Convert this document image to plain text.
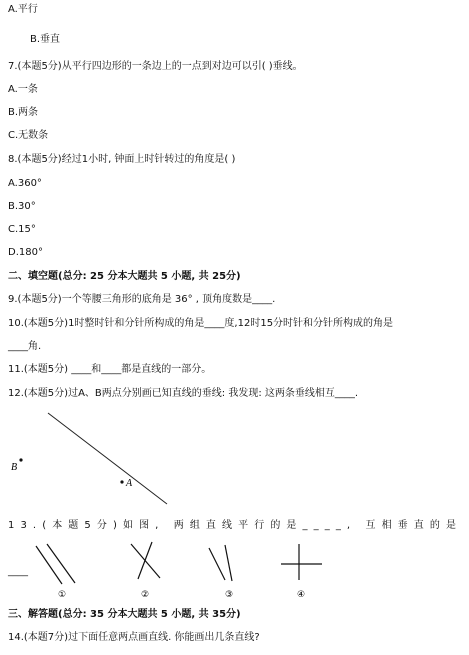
A.平行
B.垂直
7.(本题5分)从平行四边形的一条边上的一点到对边可以引( )垂线。
A.一条
B.两条
C.无数条
8.(本题5分)经过1小时, 钟面上时针转过的角度是( )
A.360°
B.30°
C.15°
D.180°
二、填空题(总分: 25 分本大题共 5 小题, 共 25分)
9.(本题5分)一个等腰三角形的底角是 36° , 顶角度数是____.
10.(本题5分)1时整时针和分针所构成的角是____度,12时15分时针和分针所构成的角是
____角.
11.(本题5分) ____和____都是直线的一部分。
12.(本题5分)过A、B两点分别画已知直线的垂线: 我发现: 这两条垂线相互____.
B
A
13.(本题5分)如图, 两组直线平行的是____, 互相垂直的是
____
①	②	③	④
三、解答题(总分: 35 分本大题共 5 小题, 共 35分)
14.(本题7分)过下面任意两点画直线. 你能画出几条直线?
